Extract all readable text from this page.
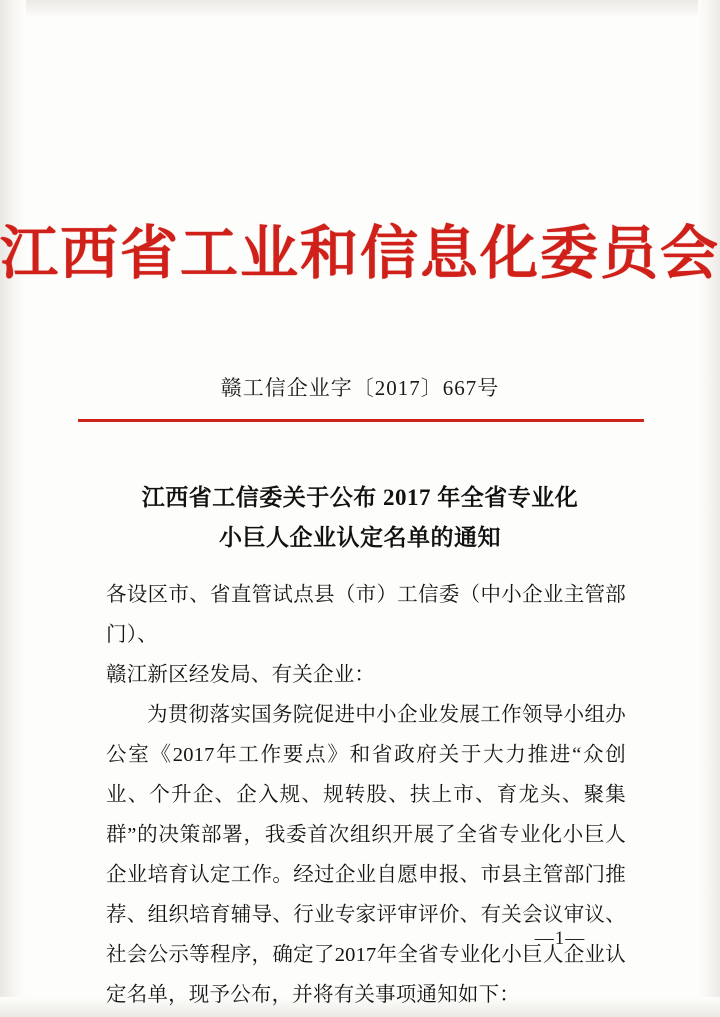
江西省工业和信息化委员会
赣工信企业字〔2017〕667号
江西省工信委关于公布 2017 年全省专业化
小巨人企业认定名单的通知

各设区市、省直管试点县（市）工信委（中小企业主管部门）、

赣江新区经发局、有关企业：

为贯彻落实国务院促进中小企业发展工作领导小组办公室《2017年工作要点》和省政府关于大力推进“众创业、个升企、企入规、规转股、扶上市、育龙头、聚集群”的决策部署，我委首次组织开展了全省专业化小巨人企业培育认定工作。经过企业自愿申报、市县主管部门推荐、组织培育辅导、行业专家评审评价、有关会议审议、社会公示等程序，确定了2017年全省专业化小巨人企业认定名单，现予公布，并将有关事项通知如下：

—1—
